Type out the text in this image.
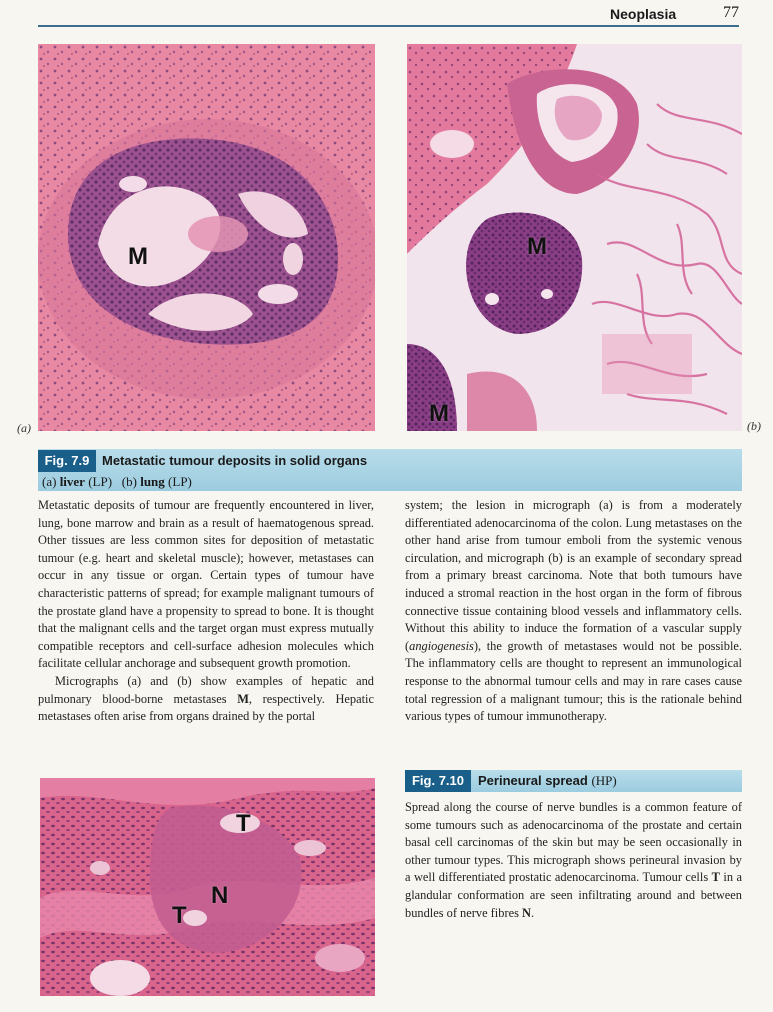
Neoplasia	77
M
(a)
M
M	(b)
Fig. 7.9 Metastatic tumour deposits in solid organs
(a) liver (LP) (b) lung (LP)

Metastatic deposits of tumour are frequently encountered in liver, lung, bone marrow and brain as a result of haematogenous spread. Other tissues are less common sites for deposition of metastatic tumour (e.g. heart and skeletal muscle); however, metastases can occur in any tissue or organ. Certain types of tumour have characteristic patterns of spread; for example malignant tumours of the prostate gland have a propensity to spread to bone. It is thought that the malignant cells and the target organ must express mutually compatible receptors and cell-surface adhesion molecules which facilitate cellular anchorage and subsequent growth promotion.

Micrographs (a) and (b) show examples of hepatic and pulmonary blood-borne metastases M, respectively. Hepatic metastases often arise from organs drained by the portal

system; the lesion in micrograph (a) is from a moderately differentiated adenocarcinoma of the colon. Lung metastases on the other hand arise from tumour emboli from the systemic venous circulation, and micrograph (b) is an example of secondary spread from a primary breast carcinoma. Note that both tumours have induced a stromal reaction in the host organ in the form of fibrous connective tissue containing blood vessels and inflammatory cells. Without this ability to induce the formation of a vascular supply (angiogenesis), the growth of metastases would not be possible. The inflammatory cells are thought to represent an immunological response to the abnormal tumour cells and may in rare cases cause total regression of a malignant tumour; this is the rationale behind various types of tumour immunotherapy.

T
T
N
Fig. 7.10	Perineural spread (HP)

Spread along the course of nerve bundles is a common feature of some tumours such as adenocarcinoma of the prostate and certain basal cell carcinomas of the skin but may be seen occasionally in other tumour types. This micrograph shows perineural invasion by a well differentiated prostatic adenocarcinoma. Tumour cells T in a glandular conformation are seen infiltrating around and between bundles of nerve fibres N.
